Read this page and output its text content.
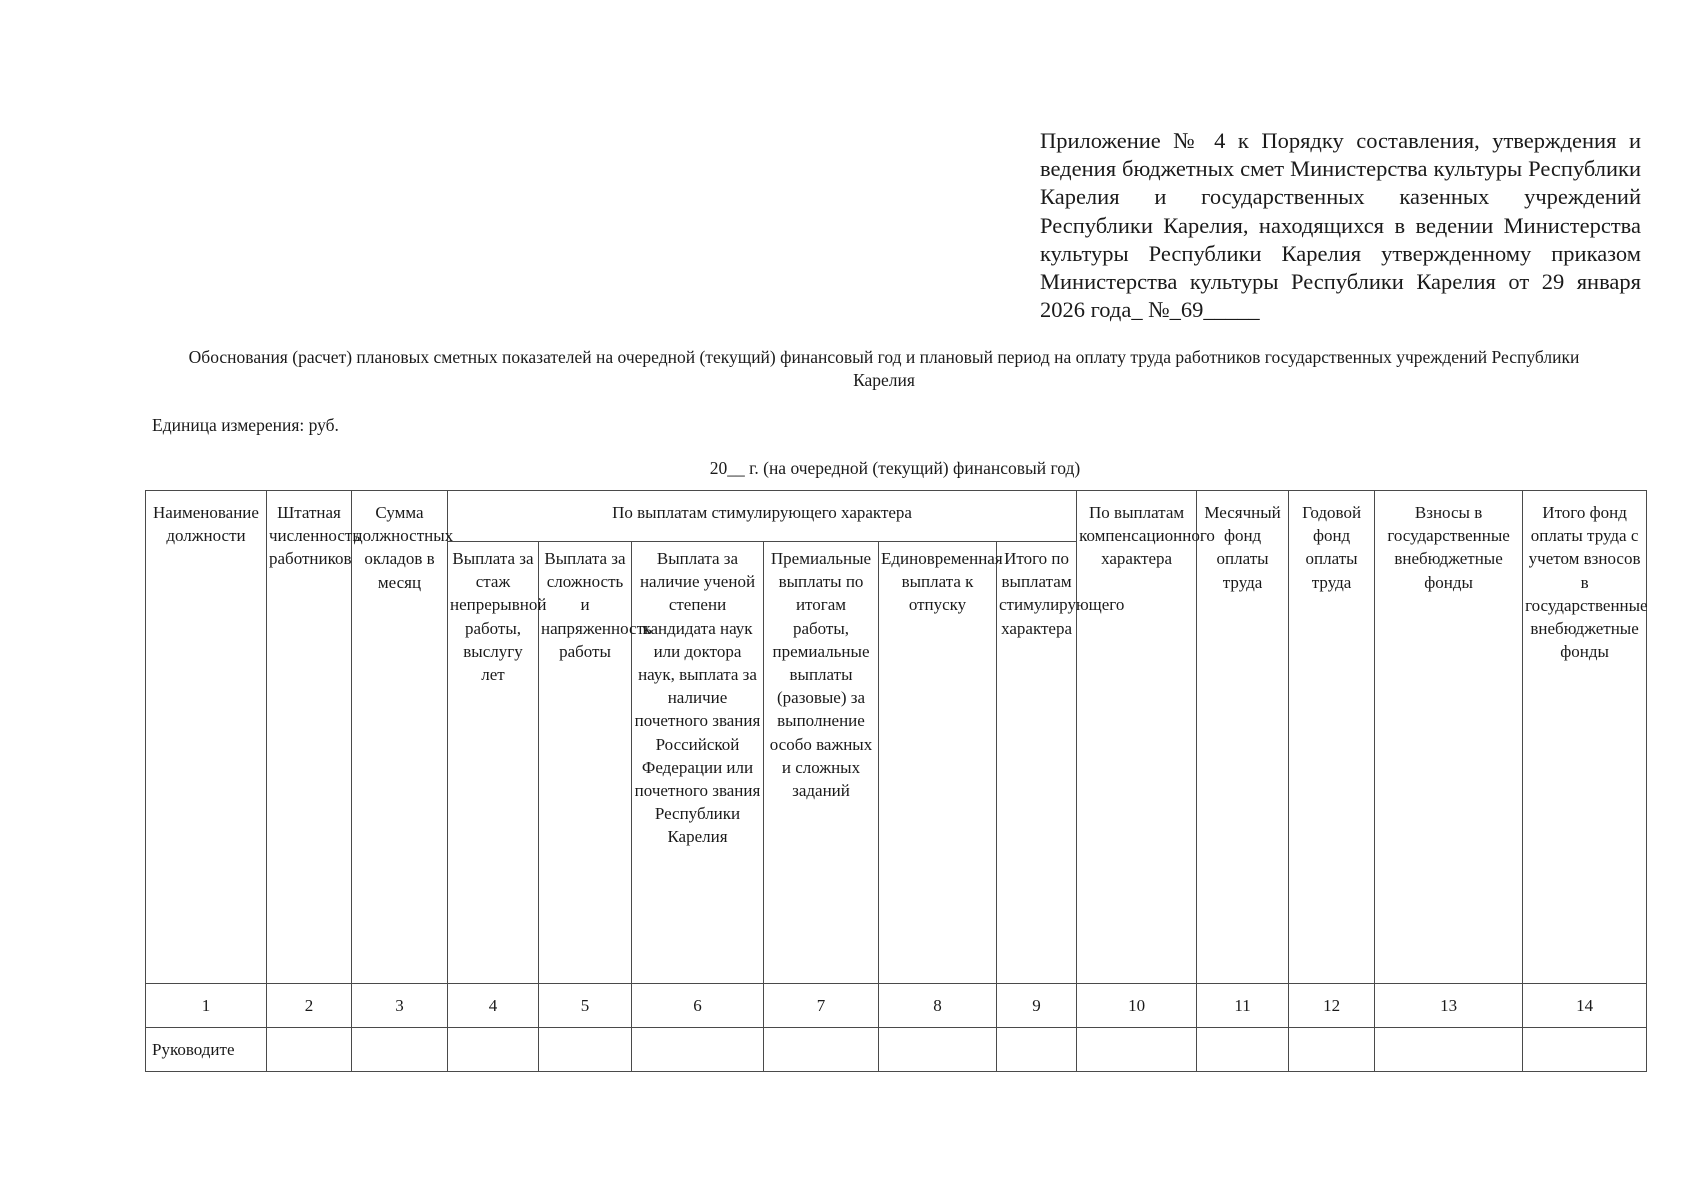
Приложение № 4 к Порядку составления, утверждения и ведения бюджетных смет Министерства культуры Республики Карелия и государственных казенных учреждений Республики Карелия, находящихся в ведении Министерства культуры Республики Карелия утвержденному приказом Министерства культуры Республики Карелия от 29 января 2026 года_ №_69_____
Обоснования (расчет) плановых сметных показателей на очередной (текущий) финансовый год и плановый период на оплату труда работников государственных учреждений Республики Карелия
Единица измерения: руб.
20__ г. (на очередной (текущий) финансовый год)
Наименование должности	Штатная численность работников	Сумма должностных окладов в месяц	По выплатам стимулирующего характера						По выплатам компенсационного характера	Месячный фонд оплаты труда	Годовой фонд оплаты труда	Взносы в государственные внебюджетные фонды	Итого фонд оплаты труда с учетом взносов в государственные внебюджетные фонды
			Выплата за стаж непрерывной работы, выслугу лет	Выплата за сложность и напряженность работы	Выплата за наличие ученой степени кандидата наук или доктора наук, выплата за наличие почетного звания Российской Федерации или почетного звания Республики Карелия	Премиальные выплаты по итогам работы, премиальные выплаты (разовые) за выполнение особо важных и сложных заданий	Единовременная выплата к отпуску	Итого по выплатам стимулирующего характера					
1	2	3	4	5	6	7	8	9	10	11	12	13	14
Руководите													
